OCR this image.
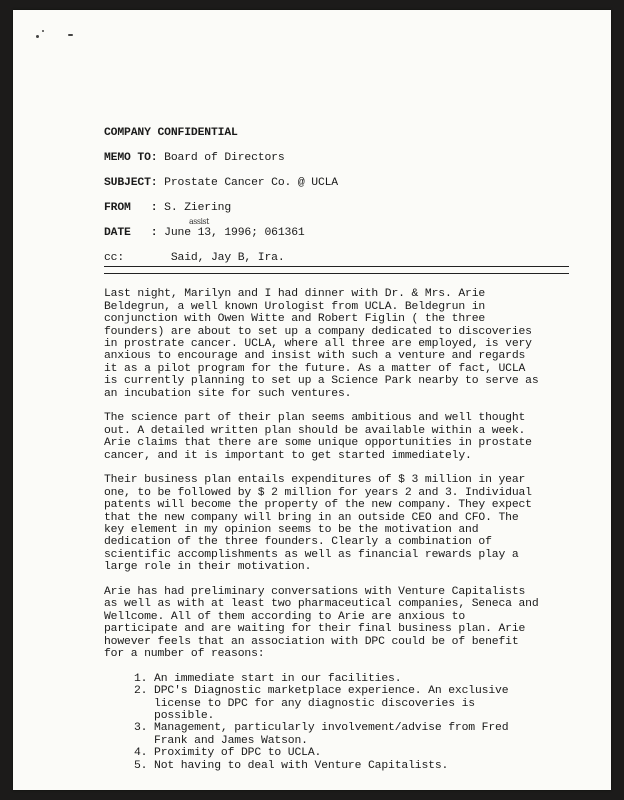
COMPANY CONFIDENTIAL
MEMO TO: Board of Directors
SUBJECT: Prostate Cancer Co. @ UCLA
FROM   : S. Ziering
DATE   : June 13, 1996; 061361
cc:	Said, Jay B, Ira.

Last night, Marilyn and I had dinner with Dr. & Mrs. Arie
Beldegrun, a well known Urologist from UCLA. Beldegrun in
conjunction with Owen Witte and Robert Figlin ( the three
founders) are about to set up a company dedicated to discoveries
in prostrate cancer. UCLA, where all three are employed, is very
anxious to encourage and insist with such a venture and regards
it as a pilot program for the future. As a matter of fact, UCLA
is currently planning to set up a Science Park nearby to serve as
an incubation site for such ventures.

The science part of their plan seems ambitious and well thought
out. A detailed written plan should be available within a week.
Arie claims that there are some unique opportunities in prostate
cancer, and it is important to get started immediately.

Their business plan entails expenditures of $ 3 million in year
one, to be followed by $ 2 million for years 2 and 3. Individual
patents will become the property of the new company. They expect
that the new company will bring in an outside CEO and CFO. The
key element in my opinion seems to be the motivation and
dedication of the three founders. Clearly a combination of
scientific accomplishments as well as financial rewards play a
large role in their motivation.

Arie has had preliminary conversations with Venture Capitalists
as well as with at least two pharmaceutical companies, Seneca and
Wellcome. All of them according to Arie are anxious to
participate and are waiting for their final business plan. Arie
however feels that an association with DPC could be of benefit
for a number of reasons:

1. An immediate start in our facilities.
2. DPC's Diagnostic marketplace experience. An exclusive
license to DPC for any diagnostic discoveries is
possible.
3. Management, particularly involvement/advise from Fred
Frank and James Watson.
4. Proximity of DPC to UCLA.
5. Not having to deal with Venture Capitalists.
assist
